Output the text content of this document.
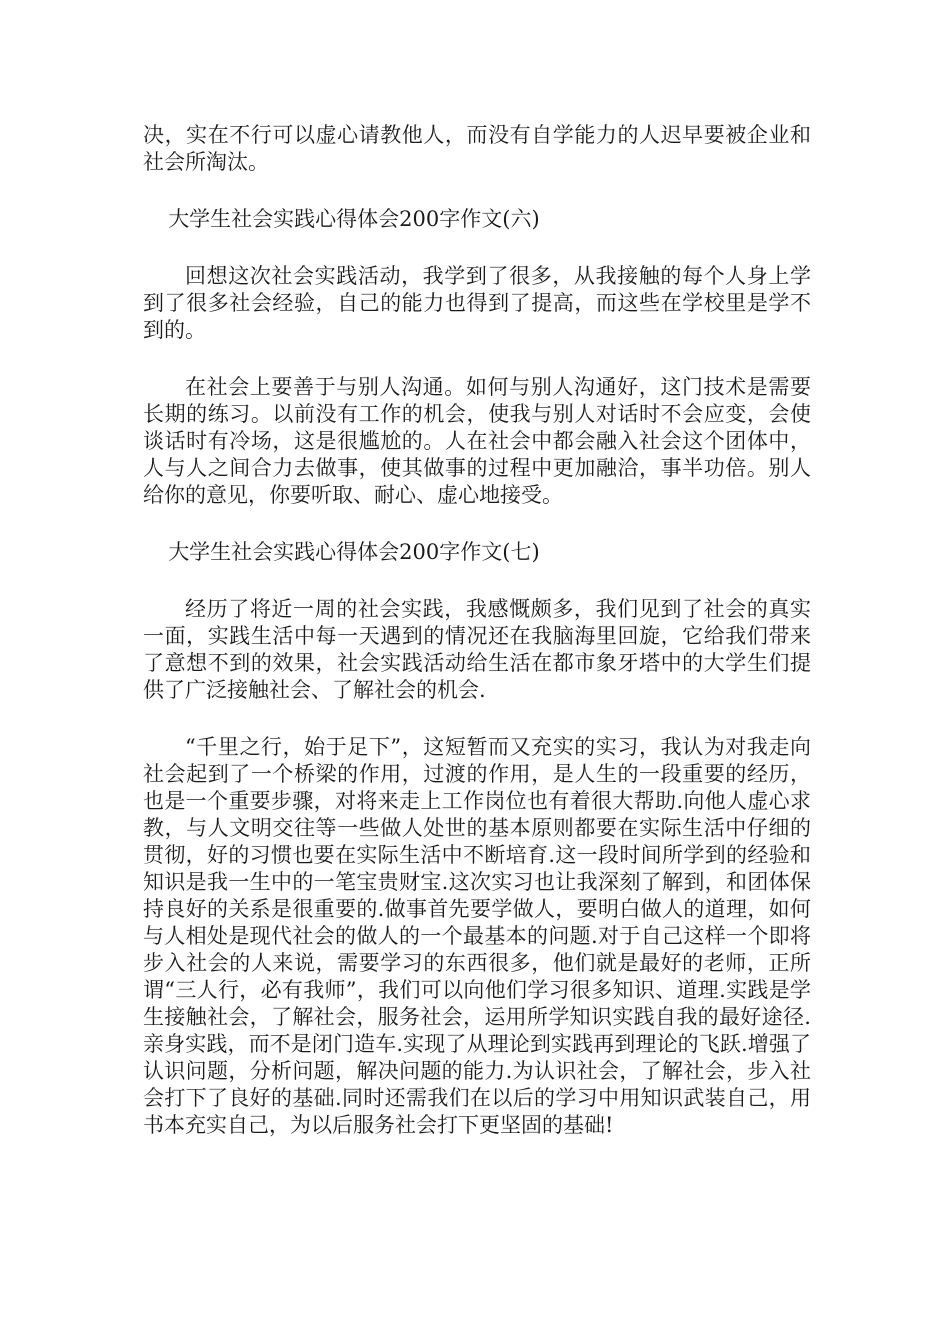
决，实在不行可以虚心请教他人，而没有自学能力的人迟早要被企业和社会所淘汰。

大学生社会实践心得体会200字作文(六)

回想这次社会实践活动，我学到了很多，从我接触的每个人身上学到了很多社会经验，自己的能力也得到了提高，而这些在学校里是学不到的。

在社会上要善于与别人沟通。如何与别人沟通好，这门技术是需要长期的练习。以前没有工作的机会，使我与别人对话时不会应变，会使谈话时有冷场，这是很尴尬的。人在社会中都会融入社会这个团体中，人与人之间合力去做事，使其做事的过程中更加融洽，事半功倍。别人给你的意见，你要听取、耐心、虚心地接受。

大学生社会实践心得体会200字作文(七)

经历了将近一周的社会实践，我感慨颇多，我们见到了社会的真实一面，实践生活中每一天遇到的情况还在我脑海里回旋，它给我们带来了意想不到的效果，社会实践活动给生活在都市象牙塔中的大学生们提供了广泛接触社会、了解社会的机会.

“千里之行，始于足下”，这短暂而又充实的实习，我认为对我走向社会起到了一个桥梁的作用，过渡的作用，是人生的一段重要的经历，也是一个重要步骤，对将来走上工作岗位也有着很大帮助.向他人虚心求教，与人文明交往等一些做人处世的基本原则都要在实际生活中仔细的贯彻，好的习惯也要在实际生活中不断培育.这一段时间所学到的经验和知识是我一生中的一笔宝贵财宝.这次实习也让我深刻了解到，和团体保持良好的关系是很重要的.做事首先要学做人，要明白做人的道理，如何与人相处是现代社会的做人的一个最基本的问题.对于自己这样一个即将步入社会的人来说，需要学习的东西很多，他们就是最好的老师，正所谓“三人行，必有我师”，我们可以向他们学习很多知识、道理.实践是学生接触社会，了解社会，服务社会，运用所学知识实践自我的最好途径.亲身实践，而不是闭门造车.实现了从理论到实践再到理论的飞跃.增强了认识问题，分析问题，解决问题的能力.为认识社会，了解社会，步入社会打下了良好的基础.同时还需我们在以后的学习中用知识武装自己，用书本充实自己，为以后服务社会打下更坚固的基础!
